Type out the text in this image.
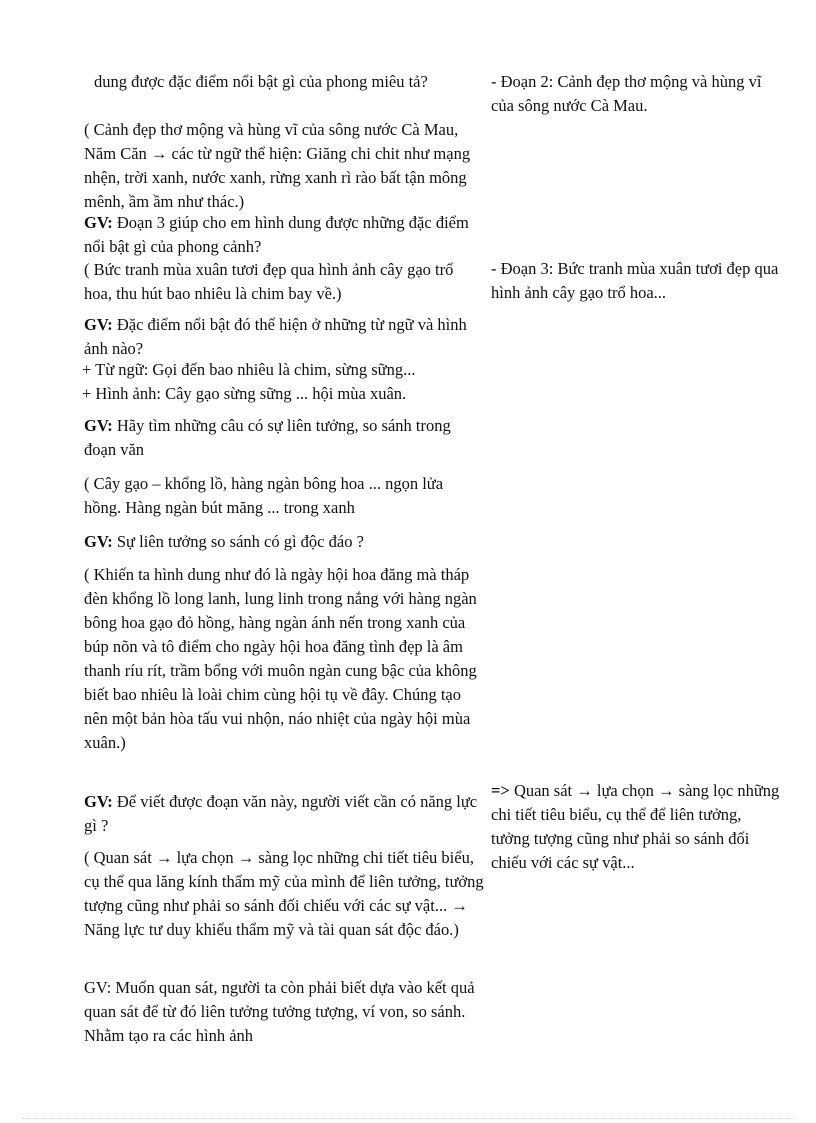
dung được đặc điểm nổi bật gì của phong miêu tả?

( Cảnh đẹp thơ mộng và hùng vĩ của sông nước Cà Mau, Năm Căn → các từ ngữ thể hiện: Giăng chi chit như mạng nhện, trời xanh, nước xanh, rừng xanh rì rào bất tận mông mênh, ầm ầm như thác.)

GV: Đoạn 3 giúp cho em hình dung được những đặc điểm nổi bật gì của phong cảnh?

( Bức tranh mùa xuân tươi đẹp qua hình ảnh cây gạo trổ hoa, thu hút bao nhiêu là chim bay về.)

GV: Đặc điểm nổi bật đó thể hiện ở những từ ngữ và hình ảnh nào?

+ Từ ngữ: Gọi đến bao nhiêu là chim, sừng sững...

+ Hình ảnh: Cây gạo sừng sững ... hội mùa xuân.

GV: Hãy tìm những câu có sự liên tưởng, so sánh trong đoạn văn

( Cây gạo – khổng lồ, hàng ngàn bông hoa ... ngọn lửa hồng. Hàng ngàn bút măng ... trong xanh

GV: Sự liên tưởng so sánh có gì độc đáo ?

( Khiến ta hình dung như đó là ngày hội hoa đăng mà tháp đèn khổng lồ long lanh, lung linh trong nắng với hàng ngàn bông hoa gạo đỏ hồng, hàng ngàn ánh nến trong xanh của búp nõn và tô điểm cho ngày hội hoa đăng tình đẹp là âm thanh ríu rít, trầm bổng với muôn ngàn cung bậc của không biết bao nhiêu là loài chim cùng hội tụ về đây. Chúng tạo nên một bản hòa tấu vui nhộn, náo nhiệt của ngày hội mùa xuân.)

GV: Để viết được đoạn văn này, người viết cần có năng lực gì ?

( Quan sát → lựa chọn → sàng lọc những chi tiết tiêu biểu, cụ thể qua lăng kính thẩm mỹ của mình để liên tưởng, tưởng tượng cũng như phải so sánh đối chiếu với các sự vật... → Năng lực tư duy khiếu thẩm mỹ và tài quan sát độc đáo.)

GV: Muốn quan sát, người ta còn phải biết dựa vào kết quả quan sát để từ đó liên tưởng tưởng tượng, ví von, so sánh. Nhằm tạo ra các hình ảnh

- Đoạn 2: Cảnh đẹp thơ mộng và hùng vĩ của sông nước Cà Mau.

- Đoạn 3: Bức tranh mùa xuân tươi đẹp qua hình ảnh cây gạo trổ hoa...

=> Quan sát → lựa chọn → sàng lọc những chi tiết tiêu biểu, cụ thể để liên tưởng, tưởng tượng cũng như phải so sánh đối chiếu với các sự vật...
